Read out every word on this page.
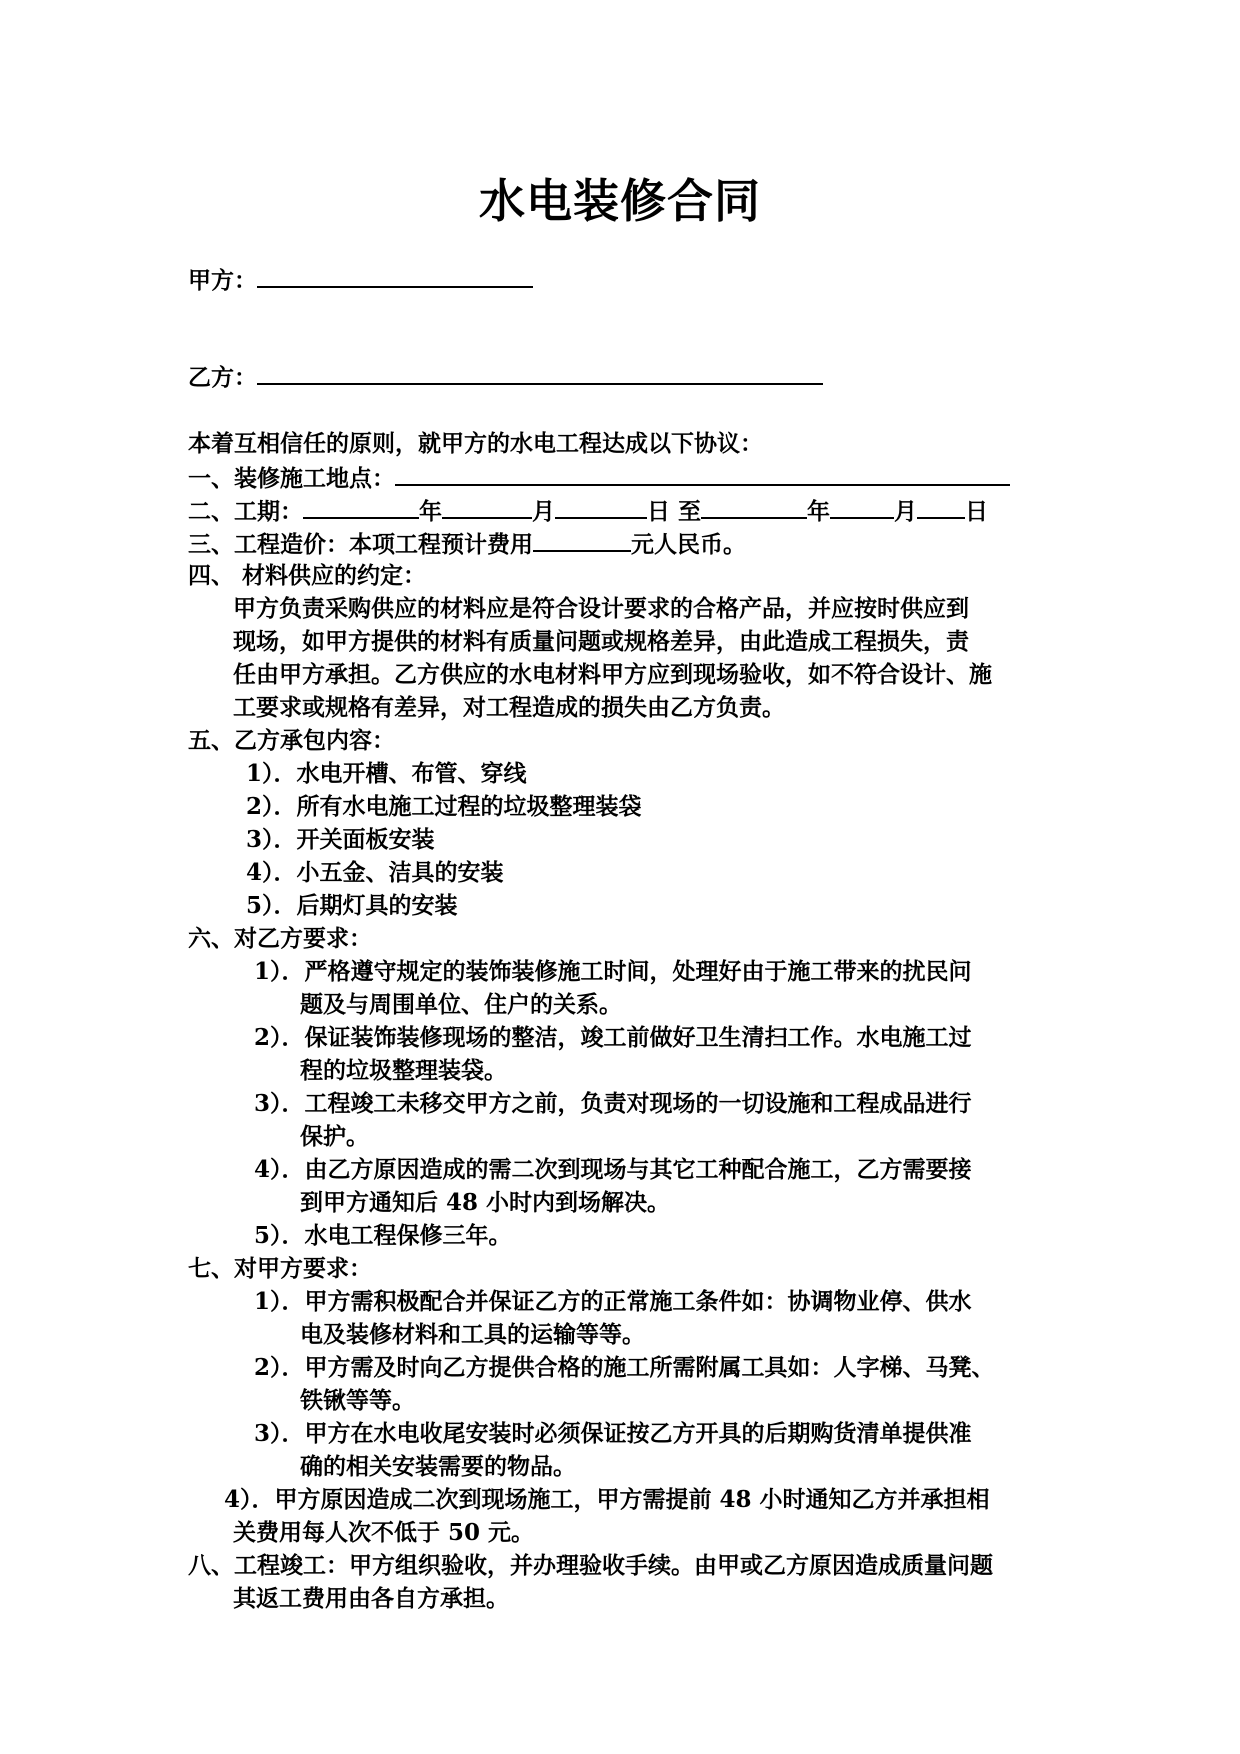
水电装修合同
甲方：
乙方：
本着互相信任的原则，就甲方的水电工程达成以下协议：
一、装修施工地点：
二、工期：	年	月	日 至	年	月 日
三、工程造价：本项工程预计费用	元人民币。
四、 材料供应的约定：
甲方负责采购供应的材料应是符合设计要求的合格产品，并应按时供应到
现场，如甲方提供的材料有质量问题或规格差异，由此造成工程损失，责
任由甲方承担。乙方供应的水电材料甲方应到现场验收，如不符合设计、施
工要求或规格有差异，对工程造成的损失由乙方负责。
五、乙方承包内容：
1）．水电开槽、布管、穿线
2）．所有水电施工过程的垃圾整理装袋
3）．开关面板安装
4）．小五金、洁具的安装
5）．后期灯具的安装
六、对乙方要求：
1）．严格遵守规定的装饰装修施工时间，处理好由于施工带来的扰民问
题及与周围单位、住户的关系。
2）．保证装饰装修现场的整洁，竣工前做好卫生清扫工作。水电施工过
程的垃圾整理装袋。
3）．工程竣工未移交甲方之前，负责对现场的一切设施和工程成品进行
保护。
4）．由乙方原因造成的需二次到现场与其它工种配合施工，乙方需要接
到甲方通知后 48 小时内到场解决。
5）．水电工程保修三年。
七、对甲方要求：
1）．甲方需积极配合并保证乙方的正常施工条件如：协调物业停、供水
电及装修材料和工具的运输等等。
2）．甲方需及时向乙方提供合格的施工所需附属工具如：人字梯、马凳、
铁锹等等。
3）．甲方在水电收尾安装时必须保证按乙方开具的后期购货清单提供准
确的相关安装需要的物品。
4）．甲方原因造成二次到现场施工，甲方需提前 48 小时通知乙方并承担相
关费用每人次不低于 50 元。
八、工程竣工：甲方组织验收，并办理验收手续。由甲或乙方原因造成质量问题
其返工费用由各自方承担。
